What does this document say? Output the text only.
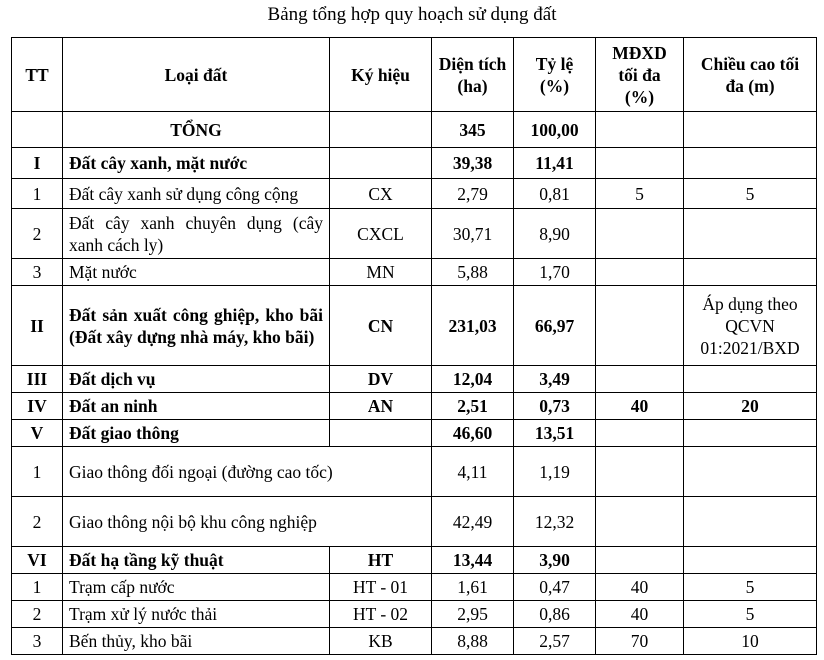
Bảng tổng hợp quy hoạch sử dụng đất
TT	Loại đất	Ký hiệu	Diện tích (ha)	Tỷ lệ (%)	MĐXD tối đa (%)	Chiều cao tối đa (m)
	TỔNG		345	100,00		
I	Đất cây xanh, mặt nước		39,38	11,41		
1	Đất cây xanh sử dụng công cộng	CX	2,79	0,81	5	5
2	Đất cây xanh chuyên dụng (cây xanh cách ly)	CXCL	30,71	8,90		
3	Mặt nước	MN	5,88	1,70		
II	Đất sản xuất công ghiệp, kho bãi (Đất xây dựng nhà máy, kho bãi)	CN	231,03	66,97		Áp dụng theo QCVN 01:2021/BXD
III	Đất dịch vụ	DV	12,04	3,49		
IV	Đất an ninh	AN	2,51	0,73	40	20
V	Đất giao thông		46,60	13,51		
1	Giao thông đối ngoại (đường cao tốc)		4,11	1,19		
2	Giao thông nội bộ khu công nghiệp		42,49	12,32		
VI	Đất hạ tầng kỹ thuật	HT	13,44	3,90		
1	Trạm cấp nước	HT - 01	1,61	0,47	40	5
2	Trạm xử lý nước thải	HT - 02	2,95	0,86	40	5
3	Bến thủy, kho bãi	KB	8,88	2,57	70	10
